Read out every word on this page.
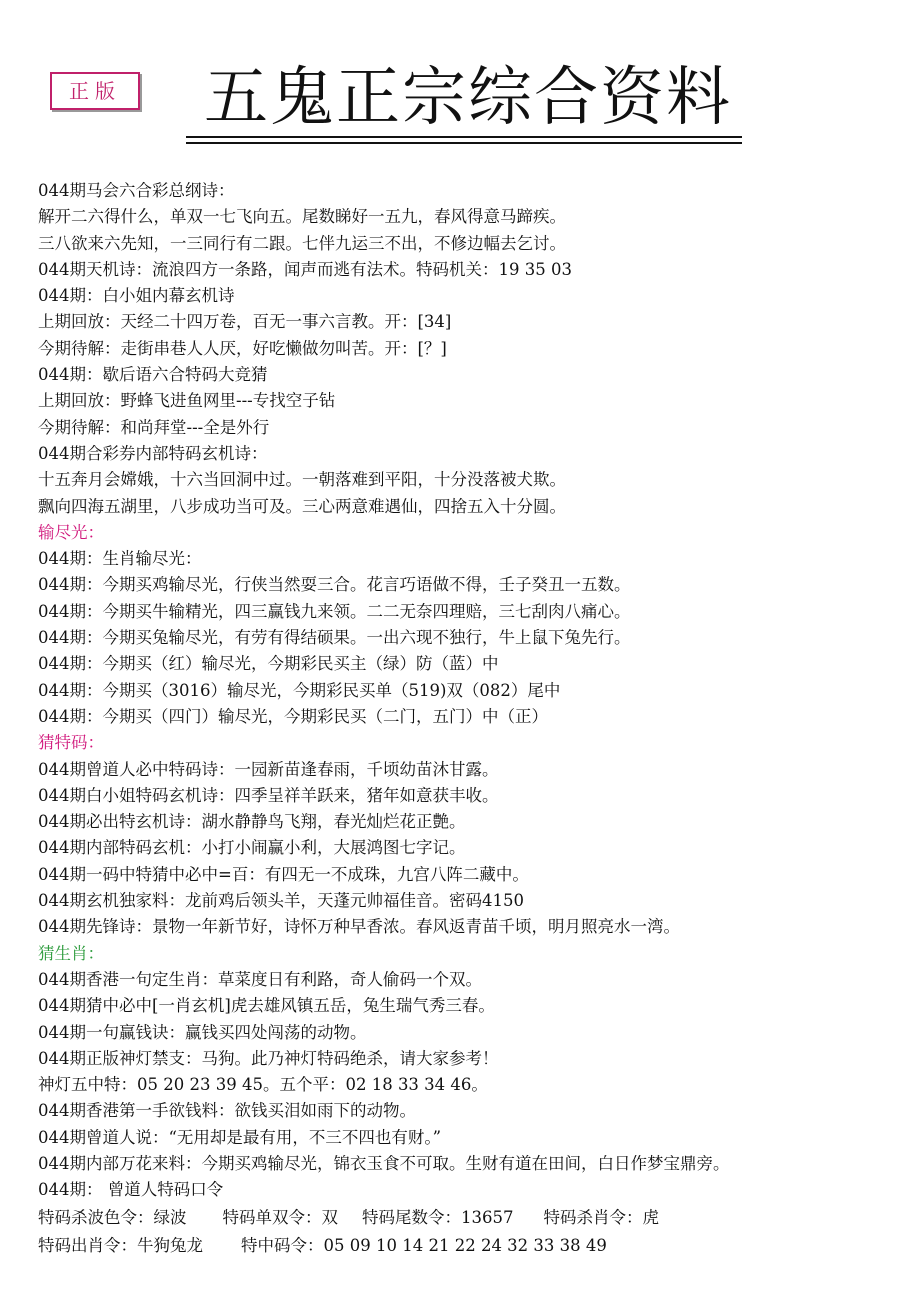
正版 五鬼正宗综合资料
044期马会六合彩总纲诗：
解开二六得什么，单双一七飞向五。尾数睇好一五九，春风得意马蹄疾。
三八欲来六先知，一三同行有二跟。七伴九运三不出，不修边幅去乞讨。
044期天机诗：流浪四方一条路，闻声而逃有法术。特码机关：19 35 03
044期：白小姐内幕玄机诗
上期回放：天经二十四万卷，百无一事六言教。开：[34]
今期待解：走街串巷人人厌，好吃懒做勿叫苦。开：[？]
044期：歇后语六合特码大竞猜
上期回放：野蜂飞进鱼网里---专找空子钻
今期待解：和尚拜堂---全是外行
044期合彩券内部特码玄机诗：
十五奔月会嫦娥，十六当回洞中过。一朝落难到平阳，十分没落被犬欺。
飘向四海五湖里，八步成功当可及。三心两意难遇仙，四捨五入十分圆。
输尽光：
044期：生肖输尽光：
044期：今期买鸡输尽光，行侠当然耍三合。花言巧语做不得，壬子癸丑一五数。
044期：今期买牛输精光，四三赢钱九来领。二二无奈四理赔，三七刮肉八痛心。
044期：今期买兔输尽光，有劳有得结硕果。一出六现不独行，牛上鼠下兔先行。
044期：今期买（红）输尽光，今期彩民买主（绿）防（蓝）中
044期：今期买（3016）输尽光，今期彩民买单（519)双（082）尾中
044期：今期买（四门）输尽光，今期彩民买（二门，五门）中（正）
猜特码：
044期曾道人必中特码诗：一园新苗逢春雨，千顷幼苗沐甘露。
044期白小姐特码玄机诗：四季呈祥羊跃来，猪年如意获丰收。
044期必出特玄机诗：湖水静静鸟飞翔，春光灿烂花正艶。
044期内部特码玄机：小打小闹赢小利，大展鸿图七字记。
044期一码中特猜中必中=百：有四无一不成珠，九宫八阵二藏中。
044期玄机独家料：龙前鸡后领头羊，天蓬元帅福佳音。密码4150
044期先锋诗：景物一年新节好，诗怀万种早香浓。春风返青苗千顷，明月照亮水一湾。
猜生肖：
044期香港一句定生肖：草菜度日有利路，奇人偷码一个双。
044期猜中必中[一肖玄机]虎去雄风镇五岳，兔生瑞气秀三春。
044期一句赢钱诀：赢钱买四处闯荡的动物。
044期正版神灯禁支：马狗。此乃神灯特码绝杀，请大家参考！
神灯五中特：05 20 23 39 45。五个平：02 18 33 34 46。
044期香港第一手欲钱料：欲钱买泪如雨下的动物。
044期曾道人说：“无用却是最有用，不三不四也有财。”
044期内部万花来料：今期买鸡输尽光，锦衣玉食不可取。生财有道在田间，白日作梦宝鼎旁。
044期： 曾道人特码口令
特码杀波色令：绿波 特码单双令：双 特码尾数令：13657 特码杀肖令：虎
特码出肖令：牛狗兔龙 特中码令：05 09 10 14 21 22 24 32 33 38 49
